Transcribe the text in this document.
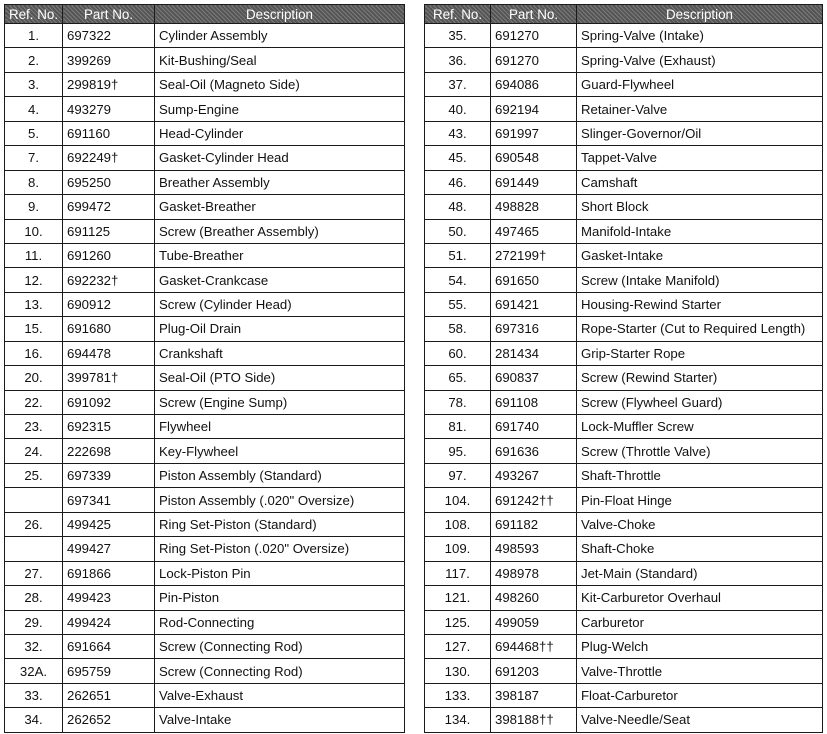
Ref. No.	Part No.	Description
1.	697322	Cylinder Assembly
2.	399269	Kit-Bushing/Seal
3.	299819†	Seal-Oil (Magneto Side)
4.	493279	Sump-Engine
5.	691160	Head-Cylinder
7.	692249†	Gasket-Cylinder Head
8.	695250	Breather Assembly
9.	699472	Gasket-Breather
10.	691125	Screw (Breather Assembly)
11.	691260	Tube-Breather
12.	692232†	Gasket-Crankcase
13.	690912	Screw (Cylinder Head)
15.	691680	Plug-Oil Drain
16.	694478	Crankshaft
20.	399781†	Seal-Oil (PTO Side)
22.	691092	Screw (Engine Sump)
23.	692315	Flywheel
24.	222698	Key-Flywheel
25.	697339	Piston Assembly (Standard)
	697341	Piston Assembly (.020" Oversize)
26.	499425	Ring Set-Piston (Standard)
	499427	Ring Set-Piston (.020" Oversize)
27.	691866	Lock-Piston Pin
28.	499423	Pin-Piston
29.	499424	Rod-Connecting
32.	691664	Screw (Connecting Rod)
32A.	695759	Screw (Connecting Rod)
33.	262651	Valve-Exhaust
34.	262652	Valve-Intake
Ref. No.	Part No.	Description
35.	691270	Spring-Valve (Intake)
36.	691270	Spring-Valve (Exhaust)
37.	694086	Guard-Flywheel
40.	692194	Retainer-Valve
43.	691997	Slinger-Governor/Oil
45.	690548	Tappet-Valve
46.	691449	Camshaft
48.	498828	Short Block
50.	497465	Manifold-Intake
51.	272199†	Gasket-Intake
54.	691650	Screw (Intake Manifold)
55.	691421	Housing-Rewind Starter
58.	697316	Rope-Starter (Cut to Required Length)
60.	281434	Grip-Starter Rope
65.	690837	Screw (Rewind Starter)
78.	691108	Screw (Flywheel Guard)
81.	691740	Lock-Muffler Screw
95.	691636	Screw (Throttle Valve)
97.	493267	Shaft-Throttle
104.	691242††	Pin-Float Hinge
108.	691182	Valve-Choke
109.	498593	Shaft-Choke
117.	498978	Jet-Main (Standard)
121.	498260	Kit-Carburetor Overhaul
125.	499059	Carburetor
127.	694468††	Plug-Welch
130.	691203	Valve-Throttle
133.	398187	Float-Carburetor
134.	398188††	Valve-Needle/Seat
